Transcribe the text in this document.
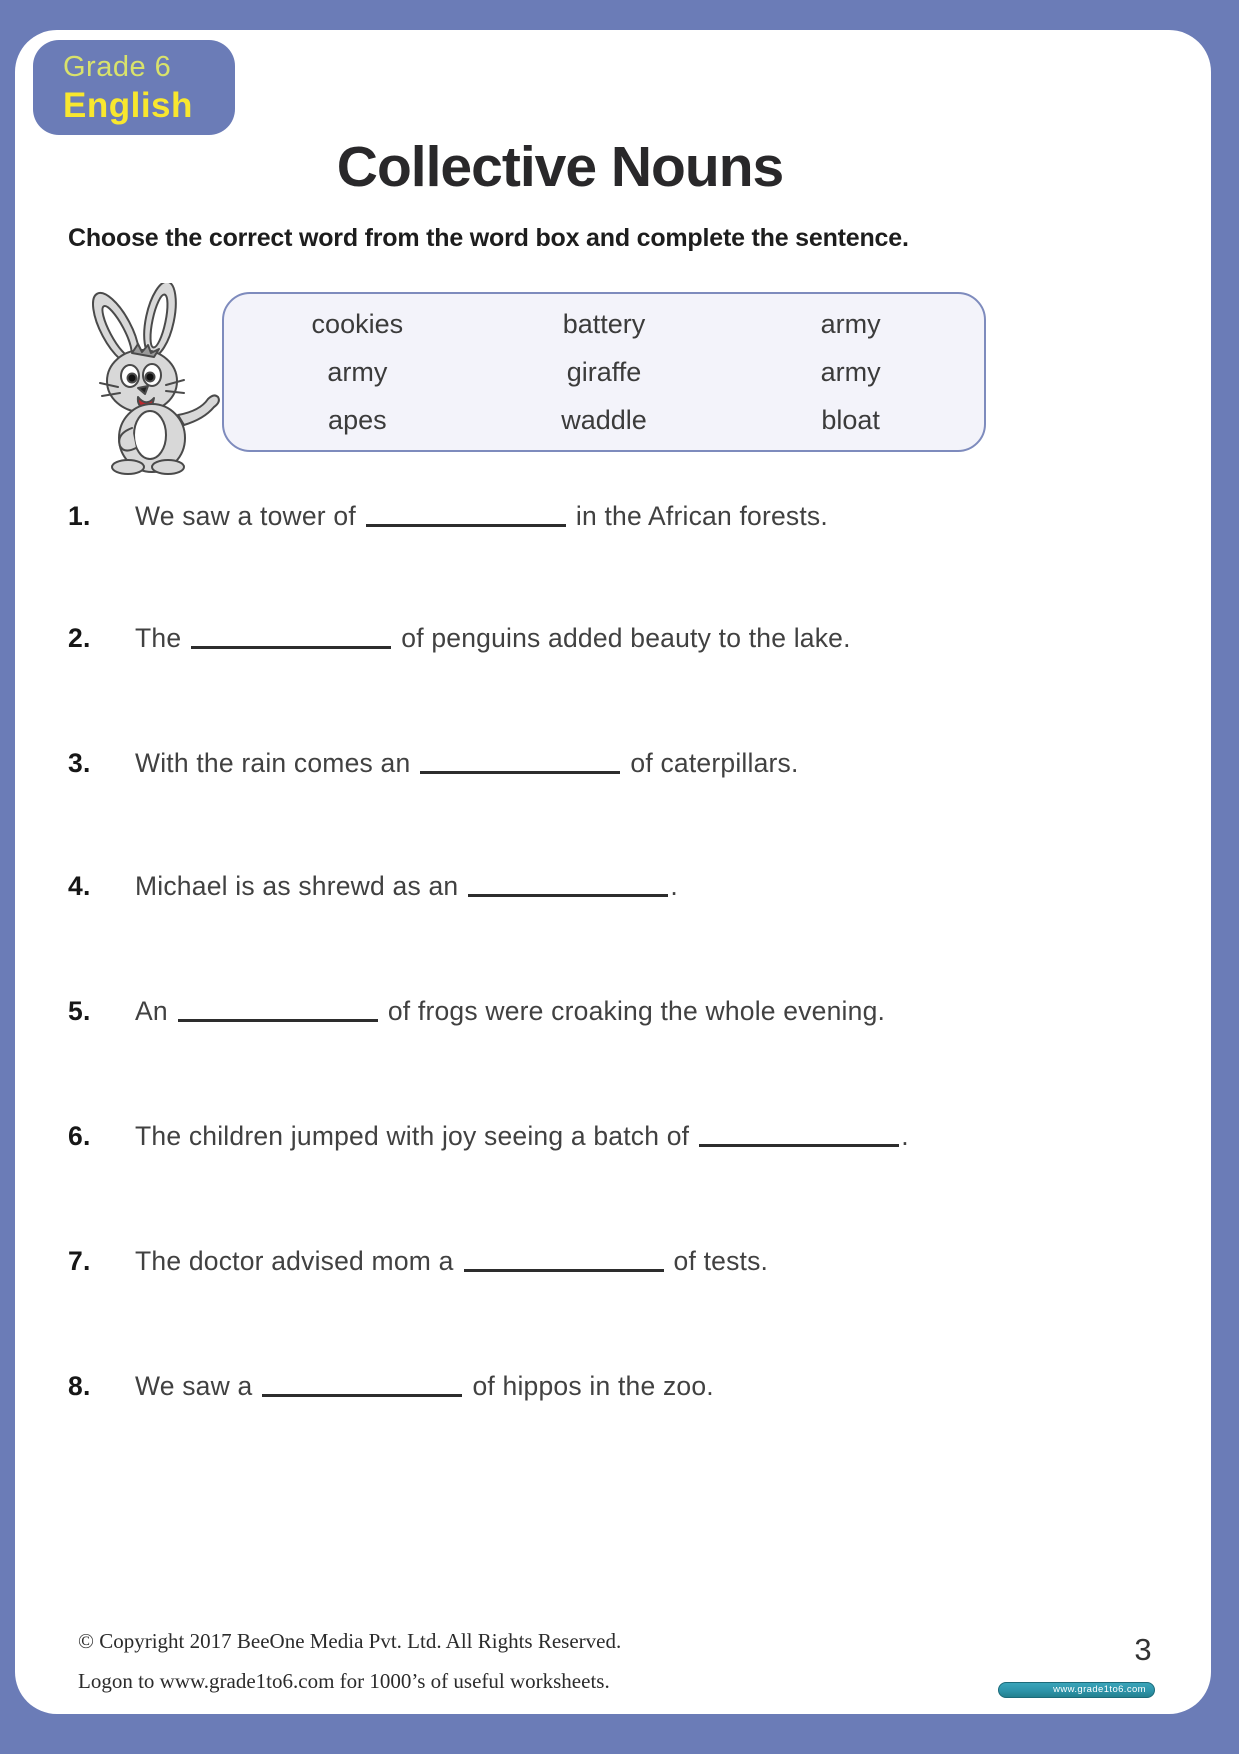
Grade 6
English
Collective Nouns
Choose the correct word from the word box and complete the sentence.
cookies	battery	army
army	giraffe	army
apes	waddle	bloat
1.	We saw a tower of	in the African forests.
2.	The	of penguins added beauty to the lake.
3.	With the rain comes an	of caterpillars.
4.	Michael is as shrewd as an	.
5.	An	of frogs were croaking the whole evening.
6.	The children jumped with joy seeing a batch of	.
7.	The doctor advised mom a	of tests.
8.	We saw a	of hippos in the zoo.
© Copyright 2017 BeeOne Media Pvt. Ltd. All Rights Reserved.
Logon to www.grade1to6.com for 1000’s of useful worksheets.
3
www.grade1to6.com
